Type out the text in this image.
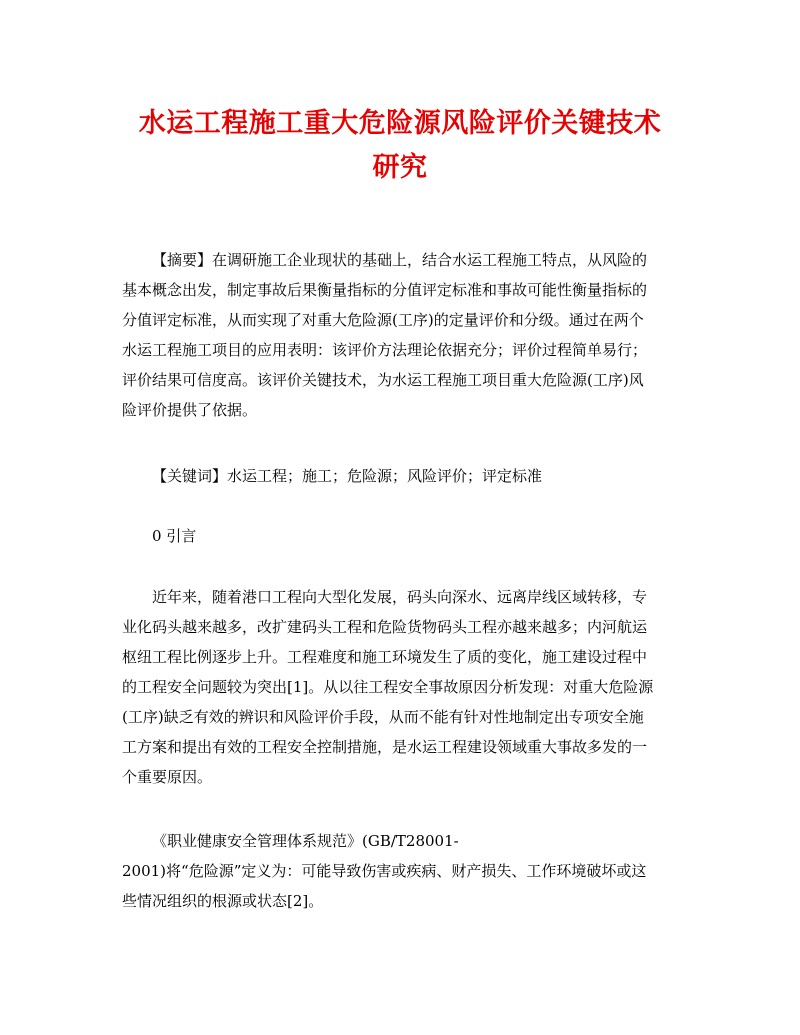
水运工程施工重大危险源风险评价关键技术
研究
【摘要】在调研施工企业现状的基础上，结合水运工程施工特点，从风险的
基本概念出发，制定事故后果衡量指标的分值评定标准和事故可能性衡量指标的
分值评定标准，从而实现了对重大危险源(工序)的定量评价和分级。通过在两个
水运工程施工项目的应用表明：该评价方法理论依据充分；评价过程简单易行；
评价结果可信度高。该评价关键技术，为水运工程施工项目重大危险源(工序)风
险评价提供了依据。
【关键词】水运工程；施工；危险源；风险评价；评定标准
0 引言
近年来，随着港口工程向大型化发展，码头向深水、远离岸线区域转移，专
业化码头越来越多，改扩建码头工程和危险货物码头工程亦越来越多；内河航运
枢纽工程比例逐步上升。工程难度和施工环境发生了质的变化，施工建设过程中
的工程安全问题较为突出[1]。从以往工程安全事故原因分析发现：对重大危险源
(工序)缺乏有效的辨识和风险评价手段，从而不能有针对性地制定出专项安全施
工方案和提出有效的工程安全控制措施，是水运工程建设领域重大事故多发的一
个重要原因。
《职业健康安全管理体系规范》(GB/T28001-
2001)将“危险源”定义为：可能导致伤害或疾病、财产损失、工作环境破坏或这
些情况组织的根源或状态[2]。
